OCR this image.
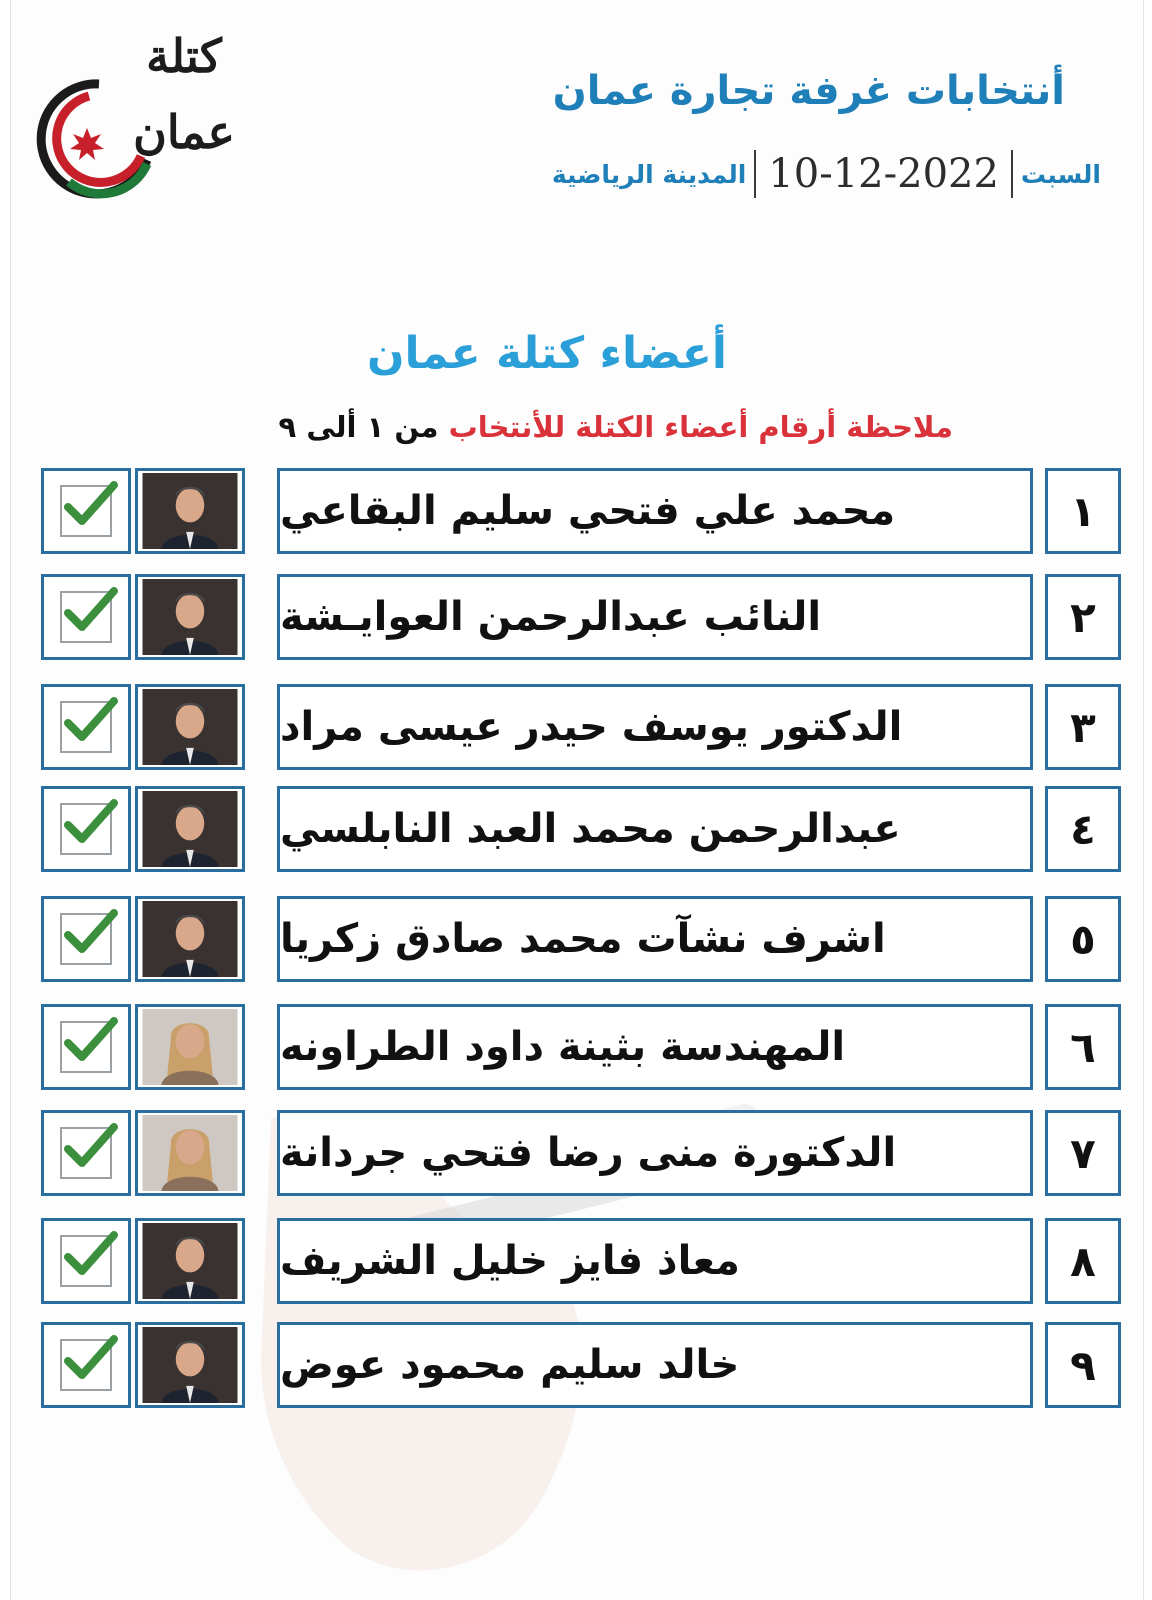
كتلة
عمان
أنتخابات غرفة تجارة عمان
السبت
10-12-2022
المدينة الرياضية
أعضاء كتلة عمان
ملاحظة أرقام أعضاء الكتلة للأنتخاب من ١ ألى ٩
١
محمد علي فتحي سليم البقاعي
٢
النائب عبدالرحمن العوايـشة
٣
الدكتور يوسف حيدر عيسى مراد
٤
عبدالرحمن محمد العبد النابلسي
٥
اشرف نشآت محمد صادق زكريا
٦
المهندسة بثينة داود الطراونه
٧
الدكتورة منى رضا فتحي جردانة
٨
معاذ فايز خليل الشريف
٩
خالد سليم محمود عوض
